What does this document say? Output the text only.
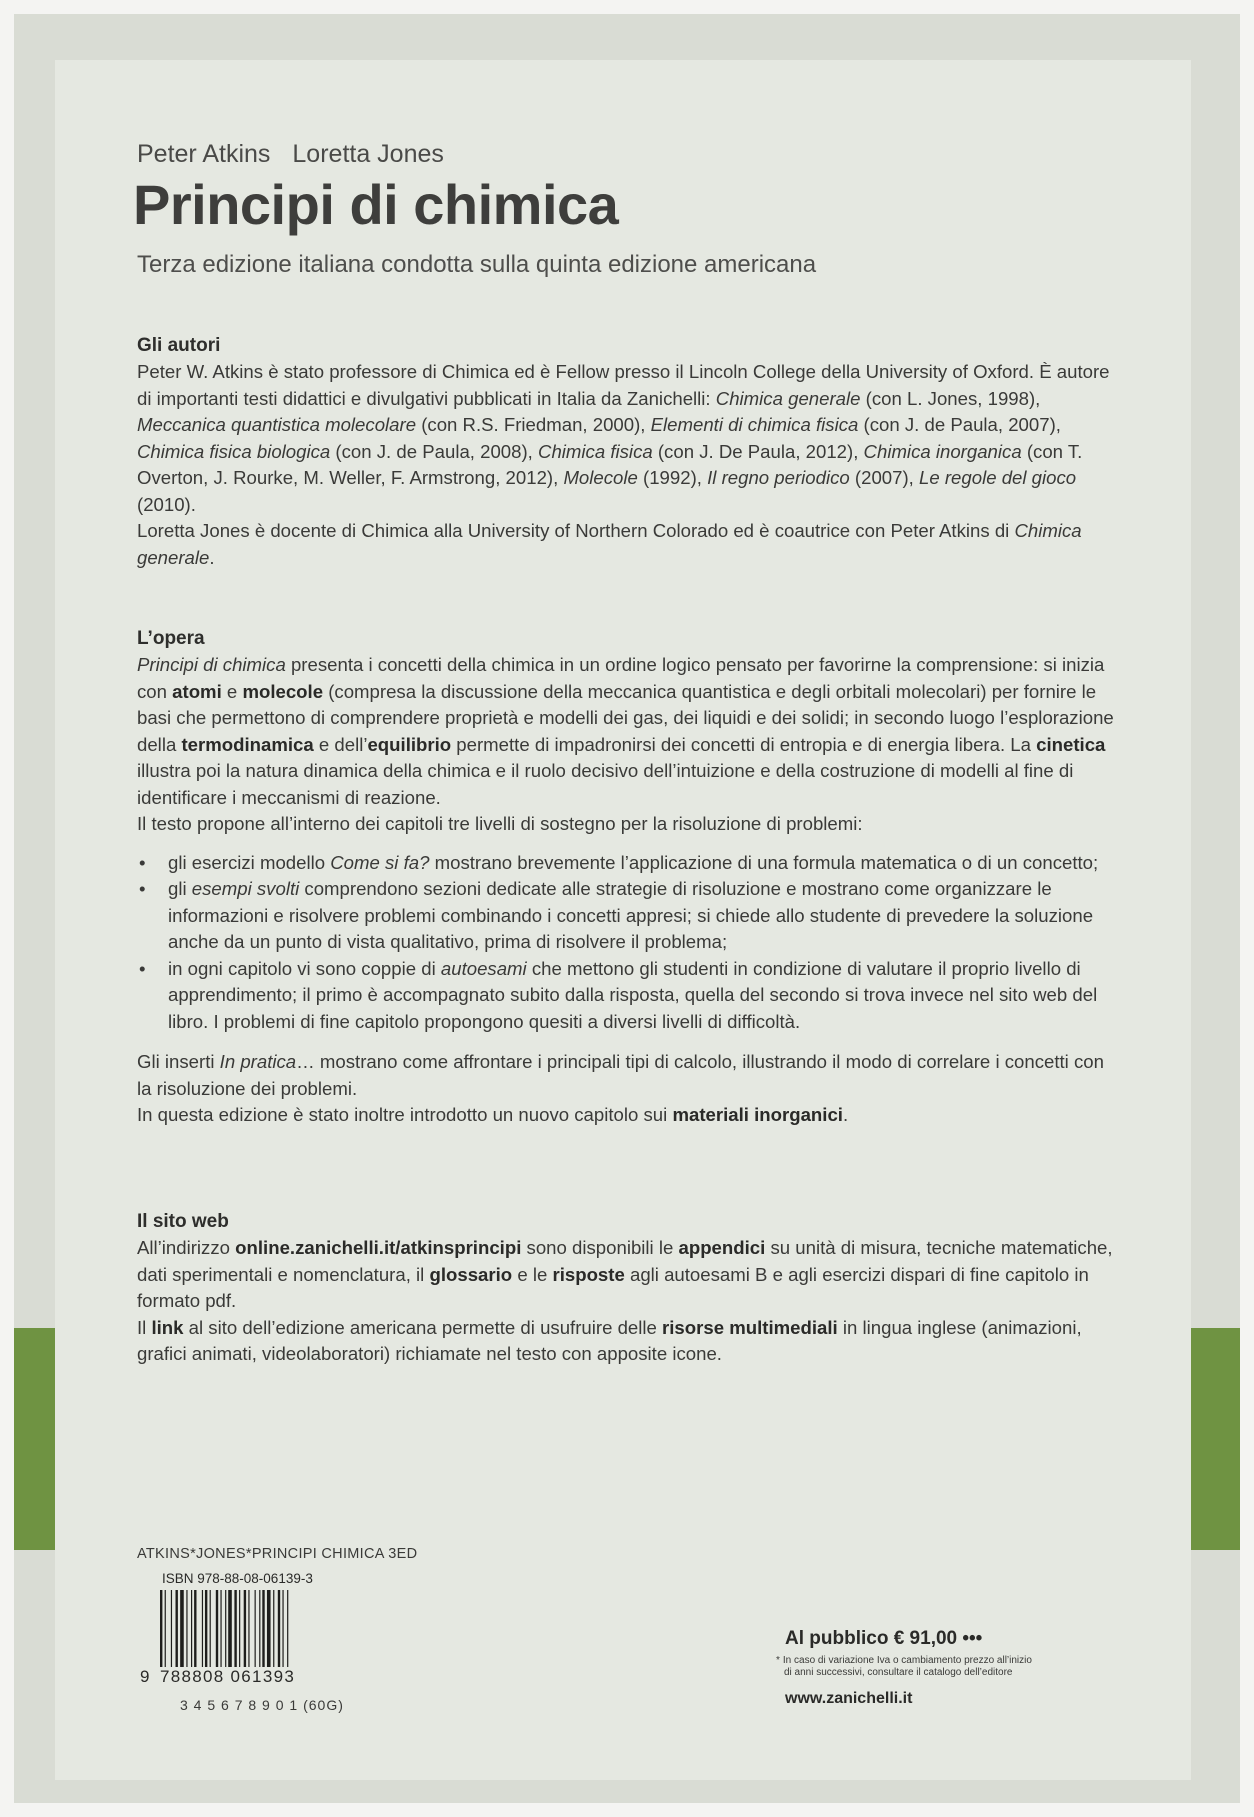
Peter Atkins Loretta Jones
Principi di chimica
Terza edizione italiana condotta sulla quinta edizione americana
Gli autori

Peter W. Atkins è stato professore di Chimica ed è Fellow presso il Lincoln College della University of Oxford. È autore di importanti testi didattici e divulgativi pubblicati in Italia da Zanichelli: Chimica generale (con L. Jones, 1998), Meccanica quantistica molecolare (con R.S. Friedman, 2000), Elementi di chimica fisica (con J. de Paula, 2007), Chimica fisica biologica (con J. de Paula, 2008), Chimica fisica (con J. De Paula, 2012), Chimica inorganica (con T. Overton, J. Rourke, M. Weller, F. Armstrong, 2012), Molecole (1992), Il regno periodico (2007), Le regole del gioco (2010).

Loretta Jones è docente di Chimica alla University of Northern Colorado ed è coautrice con Peter Atkins di Chimica generale.

L’opera

Principi di chimica presenta i concetti della chimica in un ordine logico pensato per favorirne la comprensione: si inizia con atomi e molecole (compresa la discussione della meccanica quantistica e degli orbitali molecolari) per fornire le basi che permettono di comprendere proprietà e modelli dei gas, dei liquidi e dei solidi; in secondo luogo l’esplorazione della termodinamica e dell’equilibrio permette di impadronirsi dei concetti di entropia e di energia libera. La cinetica illustra poi la natura dinamica della chimica e il ruolo decisivo dell’intuizione e della costruzione di modelli al fine di identificare i meccanismi di reazione.

Il testo propone all’interno dei capitoli tre livelli di sostegno per la risoluzione di problemi:

• gli esercizi modello Come si fa? mostrano brevemente l’applicazione di una formula matematica o di un concetto;
• gli esempi svolti comprendono sezioni dedicate alle strategie di risoluzione e mostrano come organizzare le informazioni e risolvere problemi combinando i concetti appresi; si chiede allo studente di prevedere la soluzione anche da un punto di vista qualitativo, prima di risolvere il problema;
• in ogni capitolo vi sono coppie di autoesami che mettono gli studenti in condizione di valutare il proprio livello di apprendimento; il primo è accompagnato subito dalla risposta, quella del secondo si trova invece nel sito web del libro. I problemi di fine capitolo propongono quesiti a diversi livelli di difficoltà.

Gli inserti In pratica… mostrano come affrontare i principali tipi di calcolo, illustrando il modo di correlare i concetti con la risoluzione dei problemi.

In questa edizione è stato inoltre introdotto un nuovo capitolo sui materiali inorganici.

Il sito web

All’indirizzo online.zanichelli.it/atkinsprincipi sono disponibili le appendici su unità di misura, tecniche matematiche, dati sperimentali e nomenclatura, il glossario e le risposte agli autoesami B e agli esercizi dispari di fine capitolo in formato pdf.

Il link al sito dell’edizione americana permette di usufruire delle risorse multimediali in lingua inglese (animazioni, grafici animati, videolaboratori) richiamate nel testo con apposite icone.

ATKINS*JONES*PRINCIPI CHIMICA 3ED
ISBN 978-88-08-06139-3
9 788808 061393
3 4 5 6 7 8 9 0 1 (60G)
Al pubblico € 91,00 •••
* In caso di variazione Iva o cambiamento prezzo all’inizio
di anni successivi, consultare il catalogo dell’editore
www.zanichelli.it
